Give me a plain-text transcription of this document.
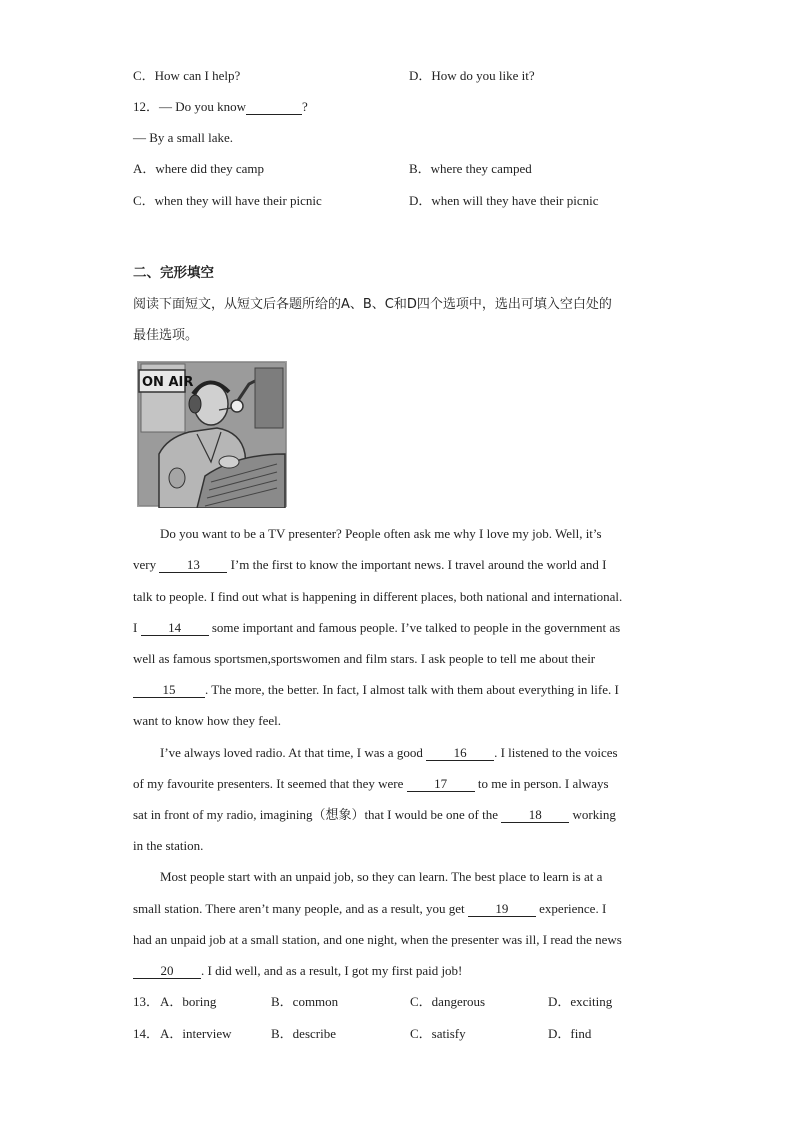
C．How can I help?	D．How do you like it?
12．— Do you know	?
— By a small lake.
A．where did they camp	B．where they camped
C．when they will have their picnic	D．when will they have their picnic
二、完形填空
阅读下面短文，从短文后各题所给的A、B、C和D四个选项中，选出可填入空白处的
最佳选项。
ON AIR
Do you want to be a TV presenter? People often ask me why I love my job. Well, it’s
very 13 I’m the first to know the important news. I travel around the world and I
talk to people. I find out what is happening in different places, both national and international.
I 14 some important and famous people. I’ve talked to people in the government as
well as famous sportsmen,sportswomen and film stars. I ask people to tell me about their
15 . The more, the better. In fact, I almost talk with them about everything in life. I
want to know how they feel.
I’ve always loved radio. At that time, I was a good 16 . I listened to the voices
of my favourite presenters. It seemed that they were 17 to me in person. I always
sat in front of my radio, imagining（想象）that I would be one of the 18 working
in the station.
Most people start with an unpaid job, so they can learn. The best place to learn is at a
small station. There aren’t many people, and as a result, you get 19 experience. I
had an unpaid job at a small station, and one night, when the presenter was ill, I read the news
20 . I did well, and as a result, I got my first paid job!
13． A．boring	B．common	C．dangerous	D．exciting
14． A．interview	B．describe	C．satisfy	D．find
